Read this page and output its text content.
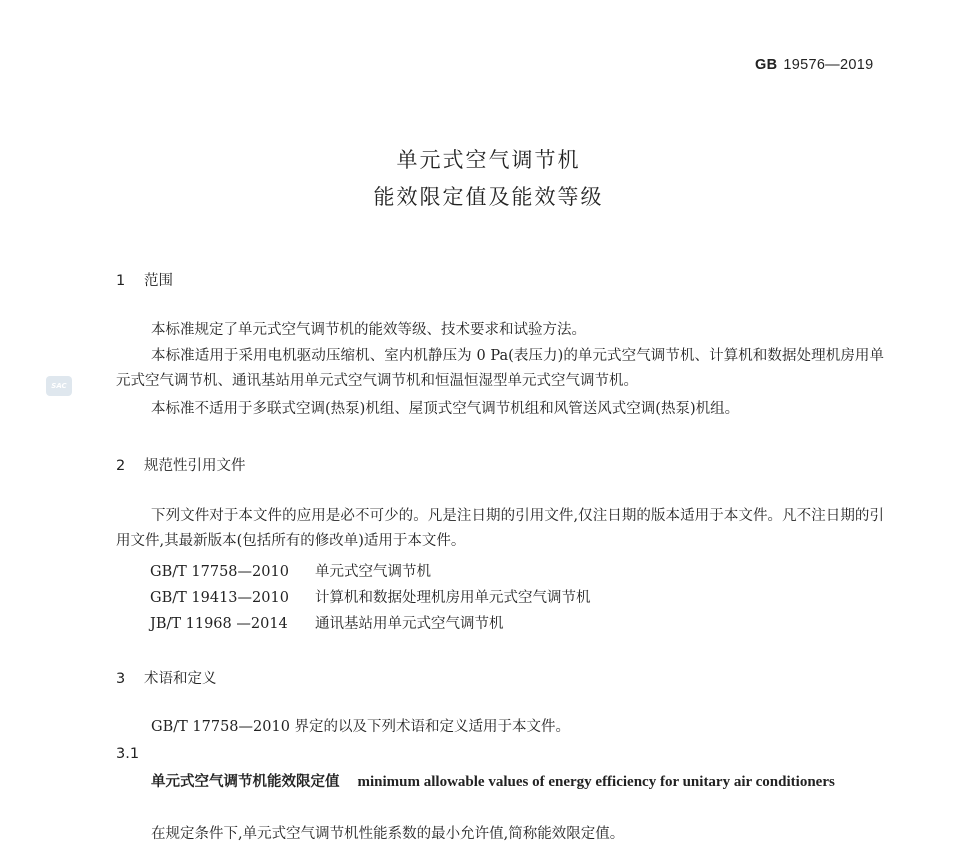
GB 19576—2019
单元式空气调节机
能效限定值及能效等级
SAC
1 范围
本标准规定了单元式空气调节机的能效等级、技术要求和试验方法。
本标准适用于采用电机驱动压缩机、室内机静压为 0 Pa(表压力)的单元式空气调节机、计算机和数据处理机房用单元式空气调节机、通讯基站用单元式空气调节机和恒温恒湿型单元式空气调节机。
本标准不适用于多联式空调(热泵)机组、屋顶式空气调节机组和风管送风式空调(热泵)机组。
2 规范性引用文件
下列文件对于本文件的应用是必不可少的。凡是注日期的引用文件,仅注日期的版本适用于本文件。凡不注日期的引用文件,其最新版本(包括所有的修改单)适用于本文件。
GB/T 17758—2010 单元式空气调节机
GB/T 19413—2010 计算机和数据处理机房用单元式空气调节机
JB/T 11968 —2014 通讯基站用单元式空气调节机
3 术语和定义
GB/T 17758—2010 界定的以及下列术语和定义适用于本文件。
3.1
单元式空气调节机能效限定值 minimum allowable values of energy efficiency for unitary air conditioners
在规定条件下,单元式空气调节机性能系数的最小允许值,简称能效限定值。
